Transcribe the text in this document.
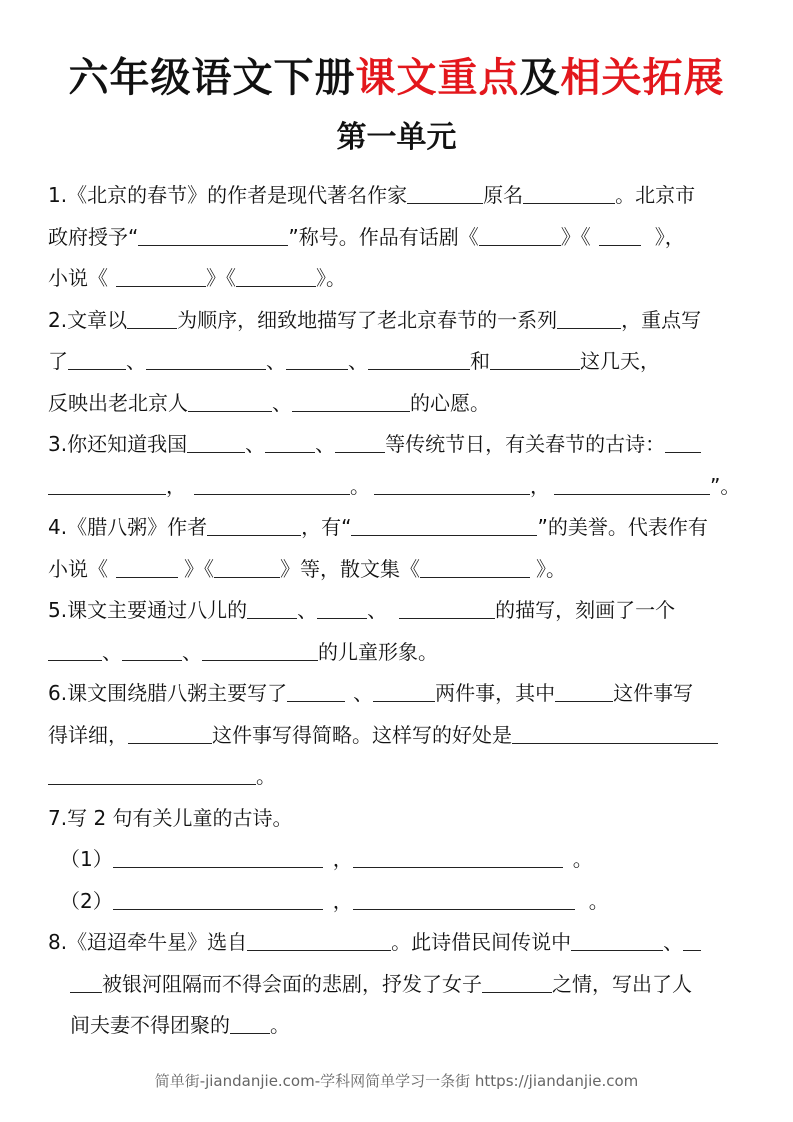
六年级语文下册课文重点及相关拓展
第一单元
1.《北京的春节》的作者是现代著名作家	原名	。北京市
政府授予“	”称号。作品有话剧《	》《	》，
小说《	》《	》。
2.文章以	为顺序，细致地描写了老北京春节的一系列	，重点写
了	、	、	、	和	这几天，
反映出老北京人	、	的心愿。
3.你还知道我国	、	、	等传统节日，有关春节的古诗：
，	。	，	”。
4.《腊八粥》作者	，有“	”的美誉。代表作有
小说《	》《	》等，散文集《	》。
5.课文主要通过八儿的	、	、	的描写，刻画了一个
、	、	的儿童形象。
6.课文围绕腊八粥主要写了	、	两件事，其中	这件事写
得详细，	这件事写得简略。这样写的好处是
。
7.写 2 句有关儿童的古诗。
（1）	，	。
（2）	，	。
8.《迢迢牵牛星》选自	。此诗借民间传说中	、
被银河阻隔而不得会面的悲剧，抒发了女子	之情，写出了人
间夫妻不得团聚的 。
简单街-jiandanjie.com-学科网简单学习一条街 https://jiandanjie.com
